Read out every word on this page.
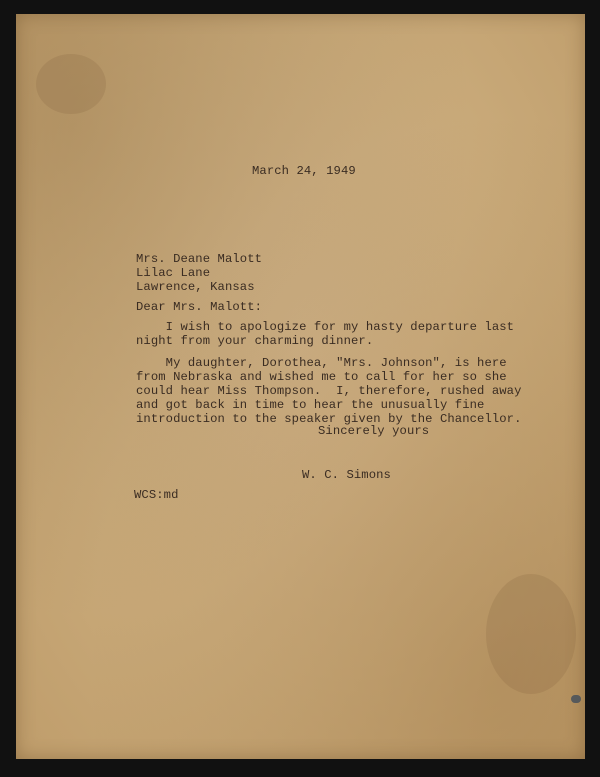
March 24, 1949
Mrs. Deane Malott
Lilac Lane
Lawrence, Kansas
Dear Mrs. Malott:
I wish to apologize for my hasty departure last
night from your charming dinner.
My daughter, Dorothea, "Mrs. Johnson", is here
from Nebraska and wished me to call for her so she
could hear Miss Thompson.  I, therefore, rushed away
and got back in time to hear the unusually fine
introduction to the speaker given by the Chancellor.
Sincerely yours
W. C. Simons
WCS:md
